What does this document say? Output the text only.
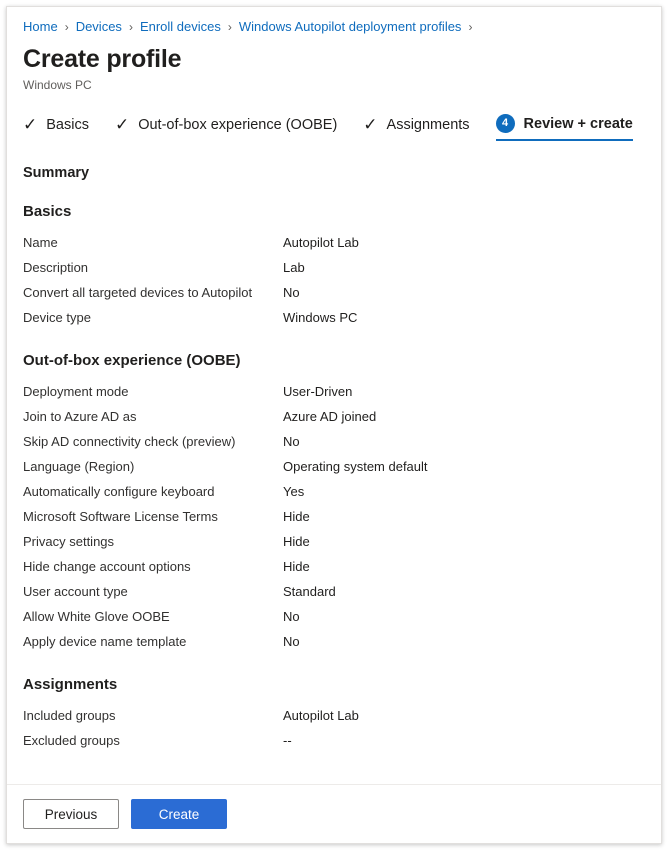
Home › Devices › Enroll devices › Windows Autopilot deployment profiles ›
Create profile
Windows PC
✓ Basics ✓ Out-of-box experience (OOBE) ✓ Assignments	4	Review + create
Summary
Basics
Name	Autopilot Lab
Description	Lab
Convert all targeted devices to Autopilot	No
Device type	Windows PC
Out-of-box experience (OOBE)
Deployment mode	User-Driven
Join to Azure AD as	Azure AD joined
Skip AD connectivity check (preview)	No
Language (Region)	Operating system default
Automatically configure keyboard	Yes
Microsoft Software License Terms	Hide
Privacy settings	Hide
Hide change account options	Hide
User account type	Standard
Allow White Glove OOBE	No
Apply device name template	No
Assignments
Included groups	Autopilot Lab
Excluded groups	--
Previous	Create
